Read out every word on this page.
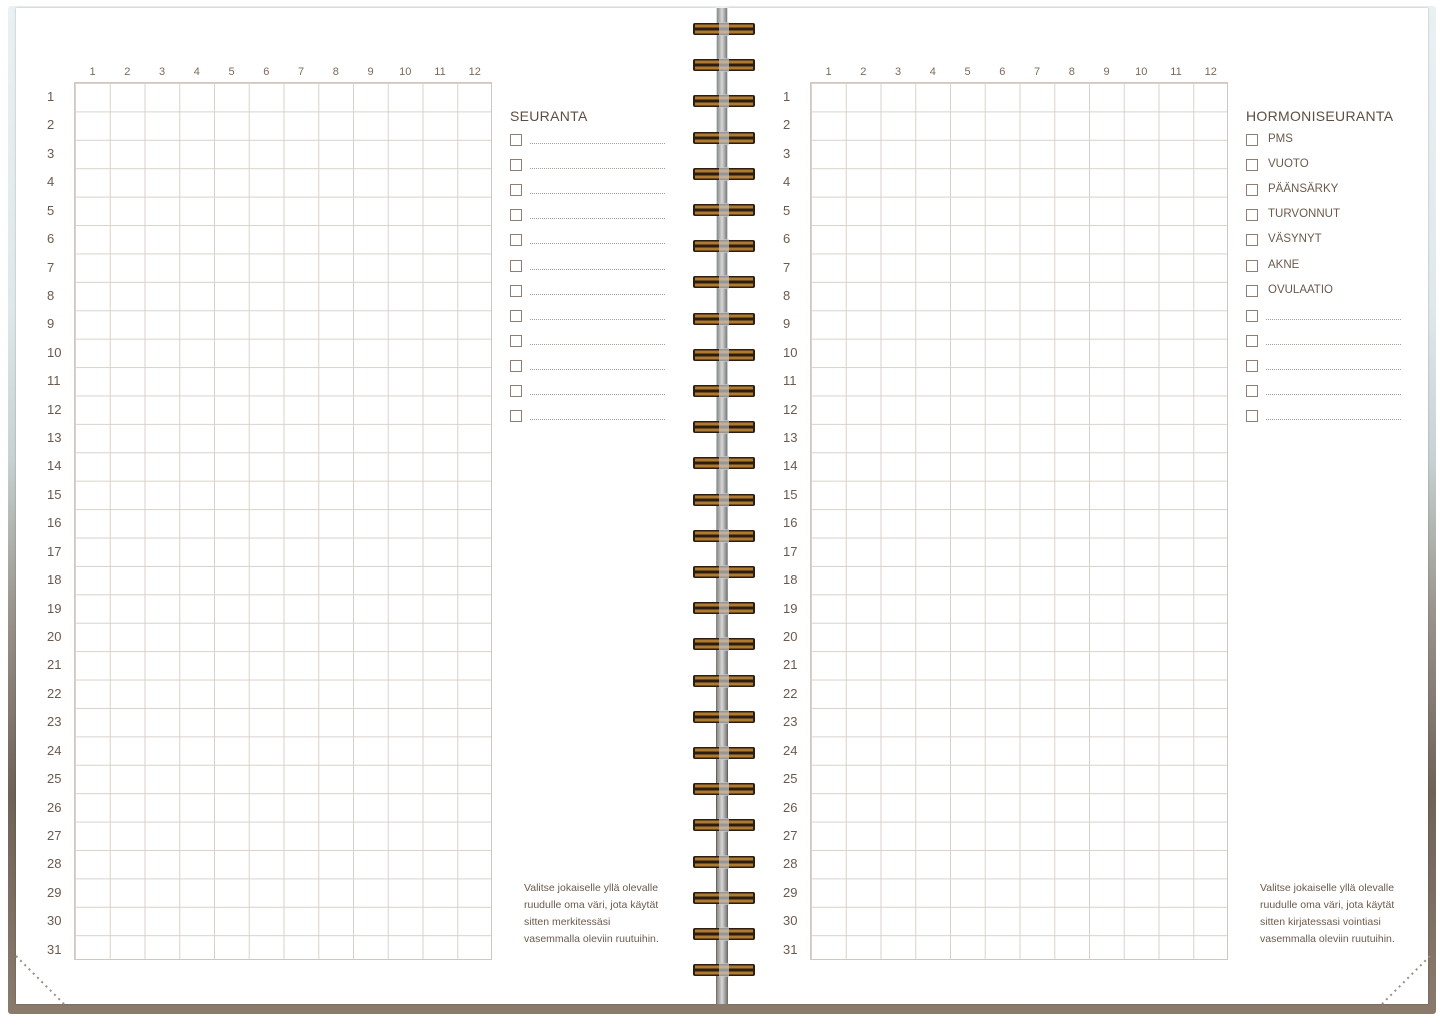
1	2	3	4	5	6	7	8	9	10	11	12
1
2
3
4
5
6
7
8
9
10
11
12
13
14
15
16
17
18
19
20
21
22
23
24
25
26
27
28
29
30
31
SEURANTA
Valitse jokaiselle yllä olevalle ruudulle oma väri, jota käytät sitten merkitessäsi vasemmalla oleviin ruutuihin.
1	2	3	4	5	6	7	8	9	10	11	12
1
2
3
4
5
6
7
8
9
10
11
12
13
14
15
16
17
18
19
20
21
22
23
24
25
26
27
28
29
30
31
HORMONISEURANTA
PMS
VUOTO
PÄÄNSÄRKY
TURVONNUT
VÄSYNYT
AKNE
OVULAATIO
Valitse jokaiselle yllä olevalle ruudulle oma väri, jota käytät sitten kirjatessasi vointiasi vasemmalla oleviin ruutuihin.
